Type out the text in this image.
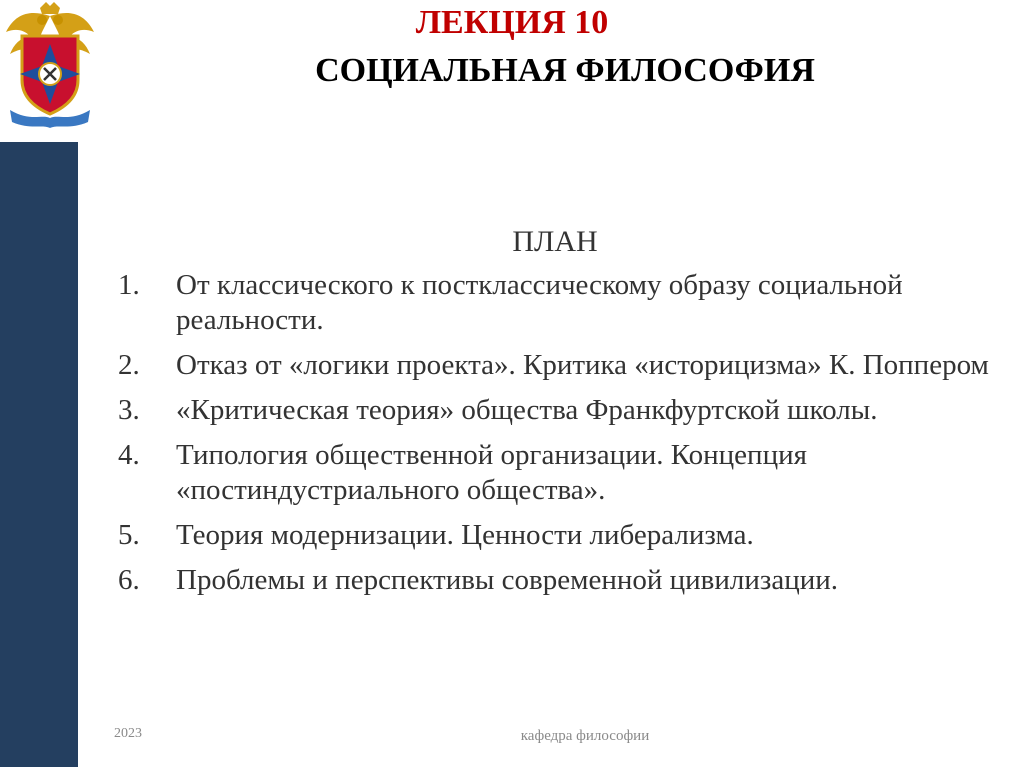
ЛЕКЦИЯ 10
СОЦИАЛЬНАЯ ФИЛОСОФИЯ
ПЛАН
1.	От классического к постклассическому образу социальной реальности.
2.	Отказ от «логики проекта». Критика «историцизма» К. Поппером
3.	«Критическая теория» общества Франкфуртской школы.
4.	Типология общественной организации. Концепция «постиндустриального общества».
5.	Теория модернизации. Ценности либерализма.
6.	Проблемы и перспективы современной цивилизации.
2023	кафедра философии
